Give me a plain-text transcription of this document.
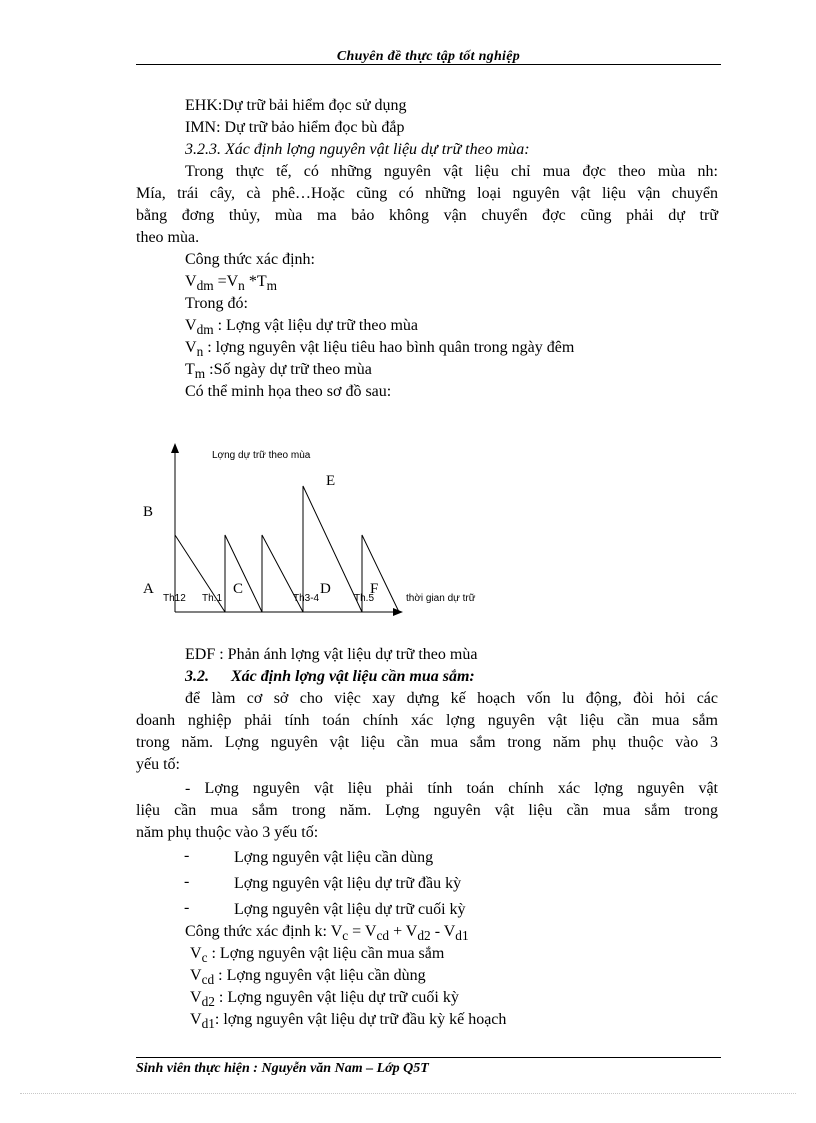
Chuyên đề thực tập tốt nghiệp
EHK:Dự trữ bải hiểm đọc sử dụng
IMN: Dự trữ bảo hiểm đọc bù đắp
3.2.3. Xác định lợng nguyên vật liệu dự trữ theo mùa:
Trong thực tế, có những nguyên vật liệu chỉ mua đợc theo mùa nh:
Mía, trái cây, cà phê…Hoặc cũng có những loại nguyên vật liệu vận chuyển
bằng đơng thủy, mùa ma bảo không vận chuyển đợc cũng phải dự trữ
theo mùa.
Công thức xác định:
$V_{dm} =V_n$ $*T_m$
Trong đó:
$V_{dm}$ : Lợng vật liệu dự trữ theo mùa
$V_n$ : lợng nguyên vật liệu tiêu hao bình quân trong ngày đêm
$T_m$ :Số ngày dự trữ theo mùa
Có thể minh họa theo sơ đồ sau:
Lợng dự trữ theo mùa
B
E
A	C	D	F
Th12 Th.1	Th3-4	Th.5	thời gian dự trữ
EDF : Phản ánh lợng vật liệu dự trữ theo mùa
3.2. Xác định lợng vật liệu cần mua sắm:
để làm cơ sở cho việc xay dựng kế hoạch vốn lu động, đòi hỏi các
doanh nghiệp phải tính toán chính xác lợng nguyên vật liệu cần mua sắm
trong năm. Lợng nguyên vật liệu cần mua sắm trong năm phụ thuộc vào 3
yếu tố:
- Lợng nguyên vật liệu phải tính toán chính xác lợng nguyên vật
liệu cần mua sắm trong năm. Lợng nguyên vật liệu cần mua sắm trong
năm phụ thuộc vào 3 yếu tố:
-	Lợng nguyên vật liệu cần dùng
-	Lợng nguyên vật liệu dự trữ đầu kỳ
-	Lợng nguyên vật liệu dự trữ cuối kỳ
Công thức xác định k: $V_c = V_{cd} + V_{d2} - V_{d1}$
$V_c$ : Lợng nguyên vật liệu cần mua sắm
$V_{cd}$ : Lợng nguyên vật liệu cần dùng
$V_{d2}$ : Lợng nguyên vật liệu dự trữ cuối kỳ
$V_{d1}$: lợng nguyên vật liệu dự trữ đầu kỳ kế hoạch
Sinh viên thực hiện : Nguyễn văn Nam – Lớp Q5T
